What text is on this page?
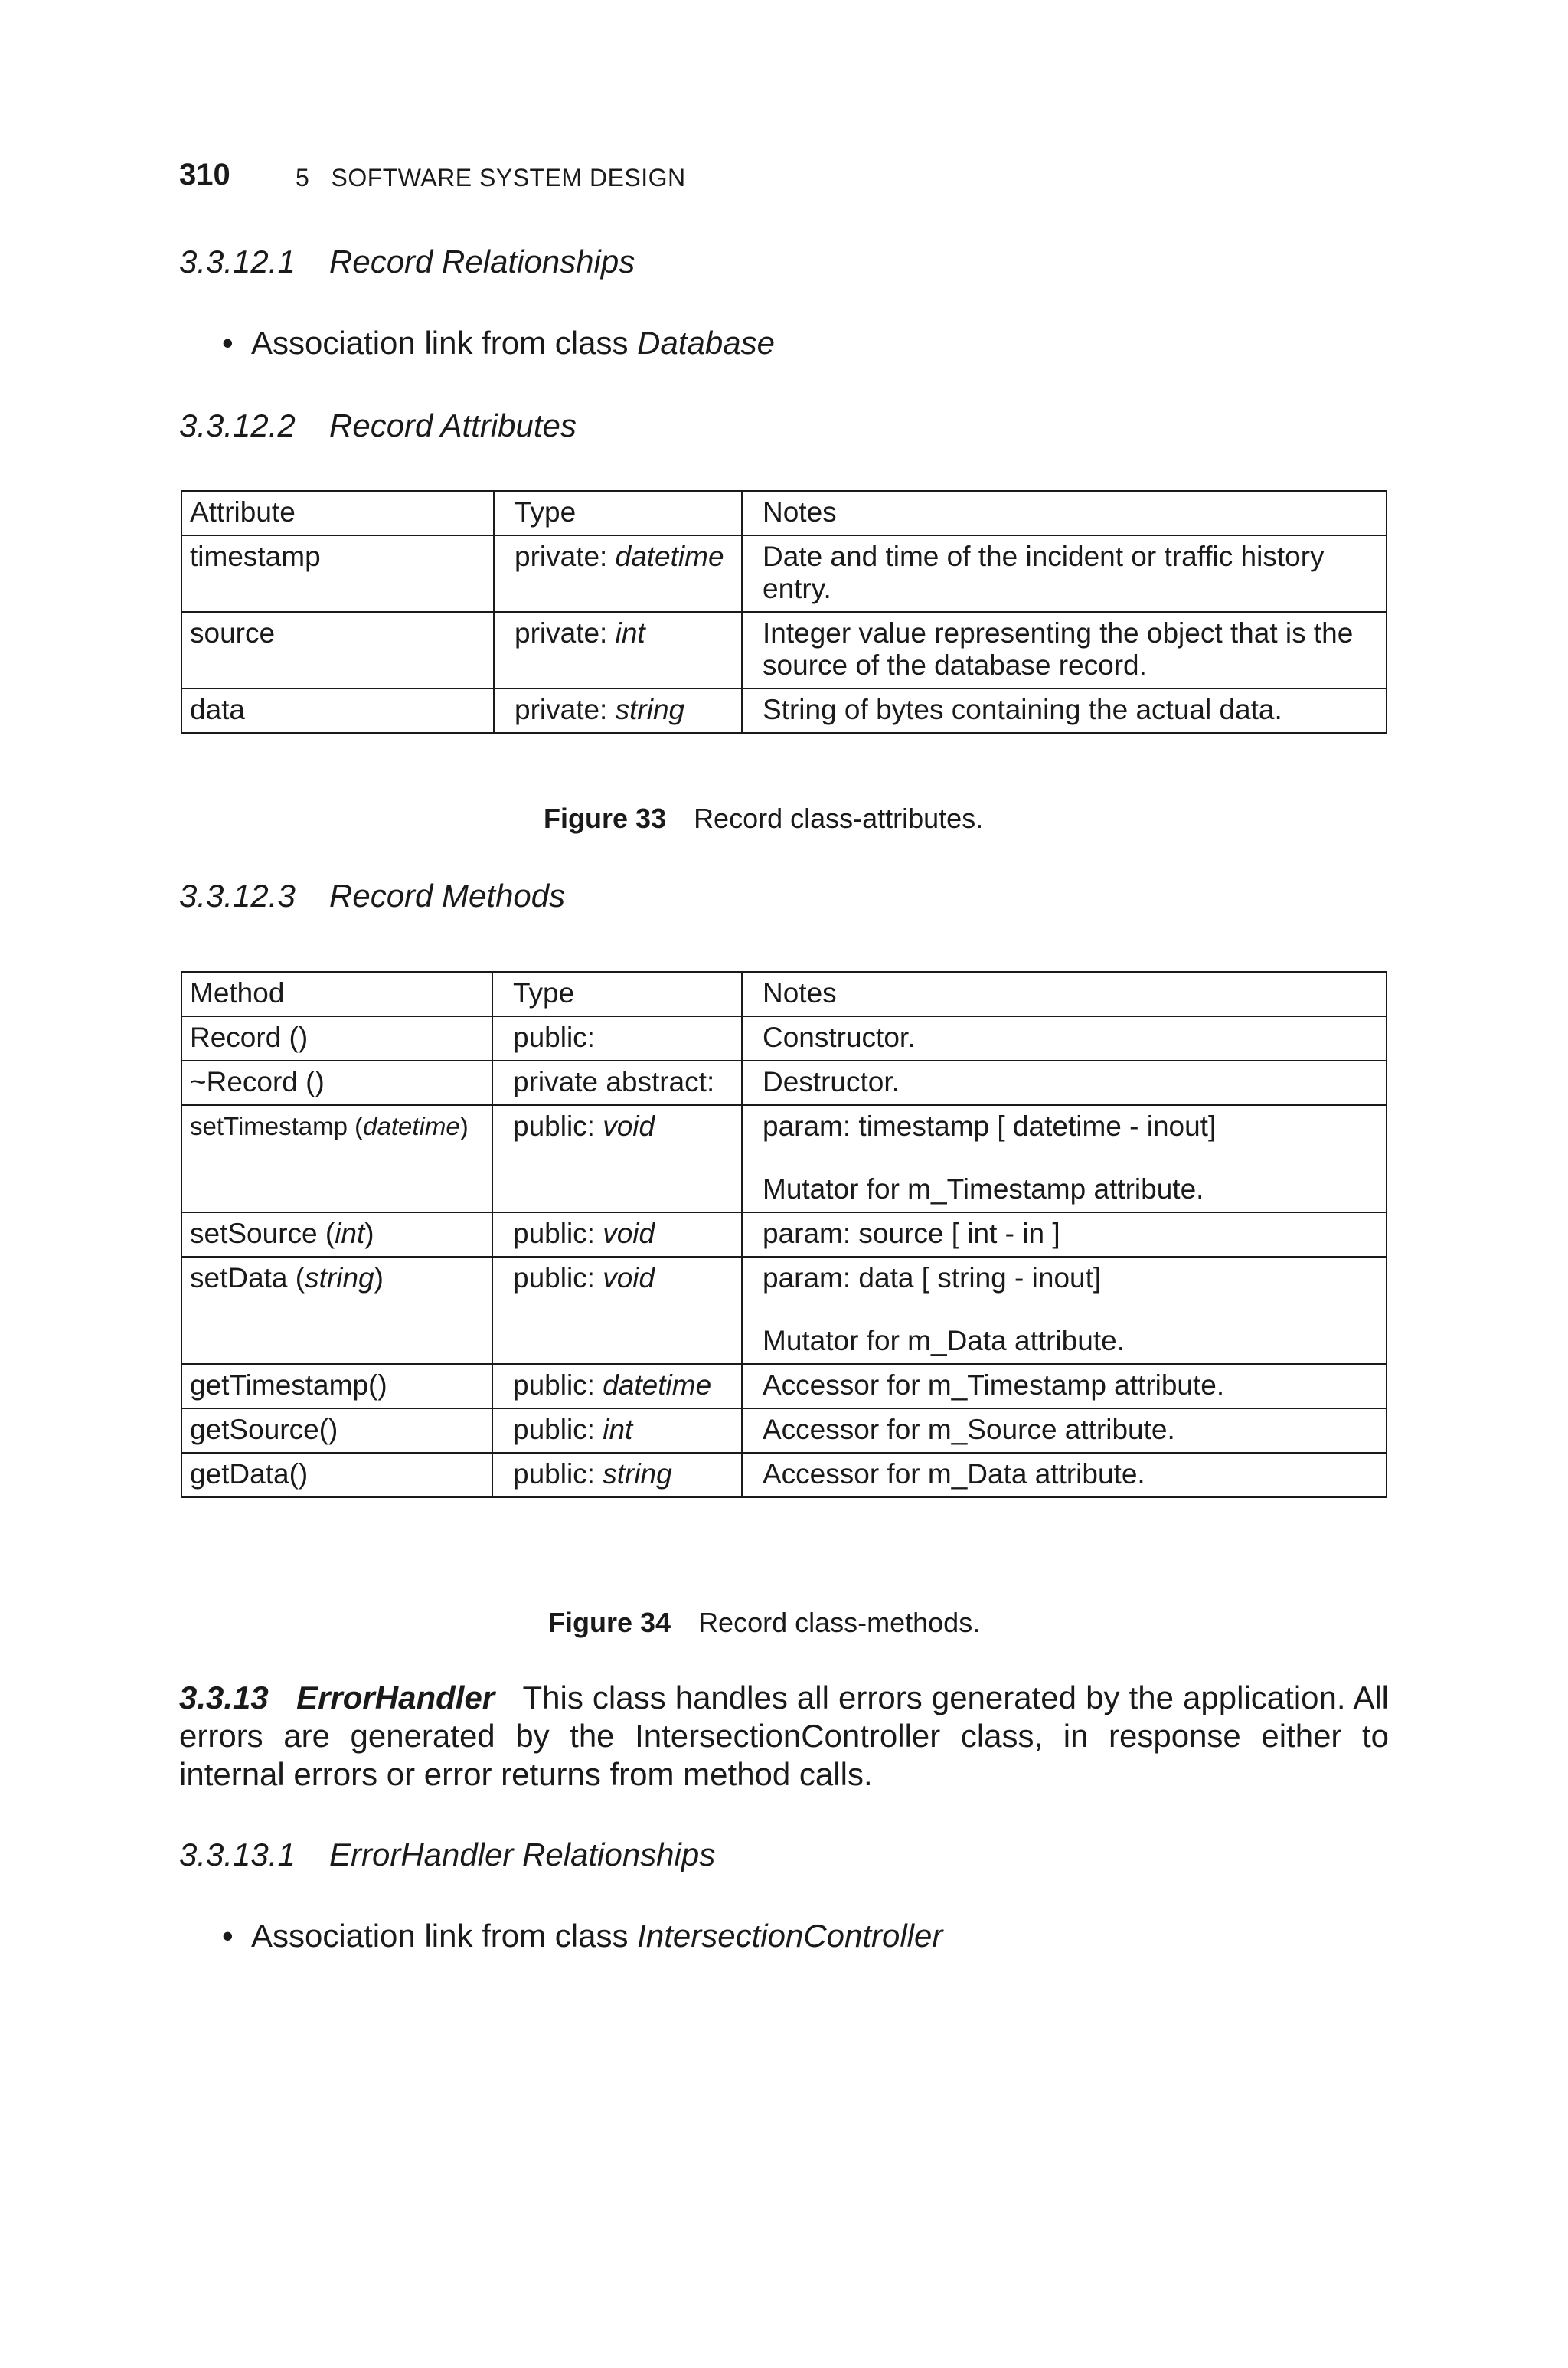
310	5   SOFTWARE SYSTEM DESIGN
3.3.12.1 Record Relationships
• Association link from class Database
3.3.12.2 Record Attributes
Attribute	Type	Notes
timestamp	private: datetime	Date and time of the incident or traffic history entry.
source	private: int	Integer value representing the object that is the source of the database record.
data	private: string	String of bytes containing the actual data.
Figure 33 Record class-attributes.
3.3.12.3 Record Methods
Method	Type	Notes
Record ()	public:	Constructor.
~Record ()	private abstract:	Destructor.
setTimestamp (datetime)	public: void	param: timestamp [ datetime - inout]
Mutator for m_Timestamp attribute.
setSource (int)	public: void	param: source [ int - in ]
setData (string)	public: void	param: data [ string - inout]
Mutator for m_Data attribute.
getTimestamp()	public: datetime	Accessor for m_Timestamp attribute.
getSource()	public: int	Accessor for m_Source attribute.
getData()	public: string	Accessor for m_Data attribute.
Figure 34 Record class-methods.
3.3.13   ErrorHandler This class handles all errors generated by the application. All errors are generated by the IntersectionController class, in response either to internal errors or error returns from method calls.
3.3.13.1 ErrorHandler Relationships
• Association link from class IntersectionController
